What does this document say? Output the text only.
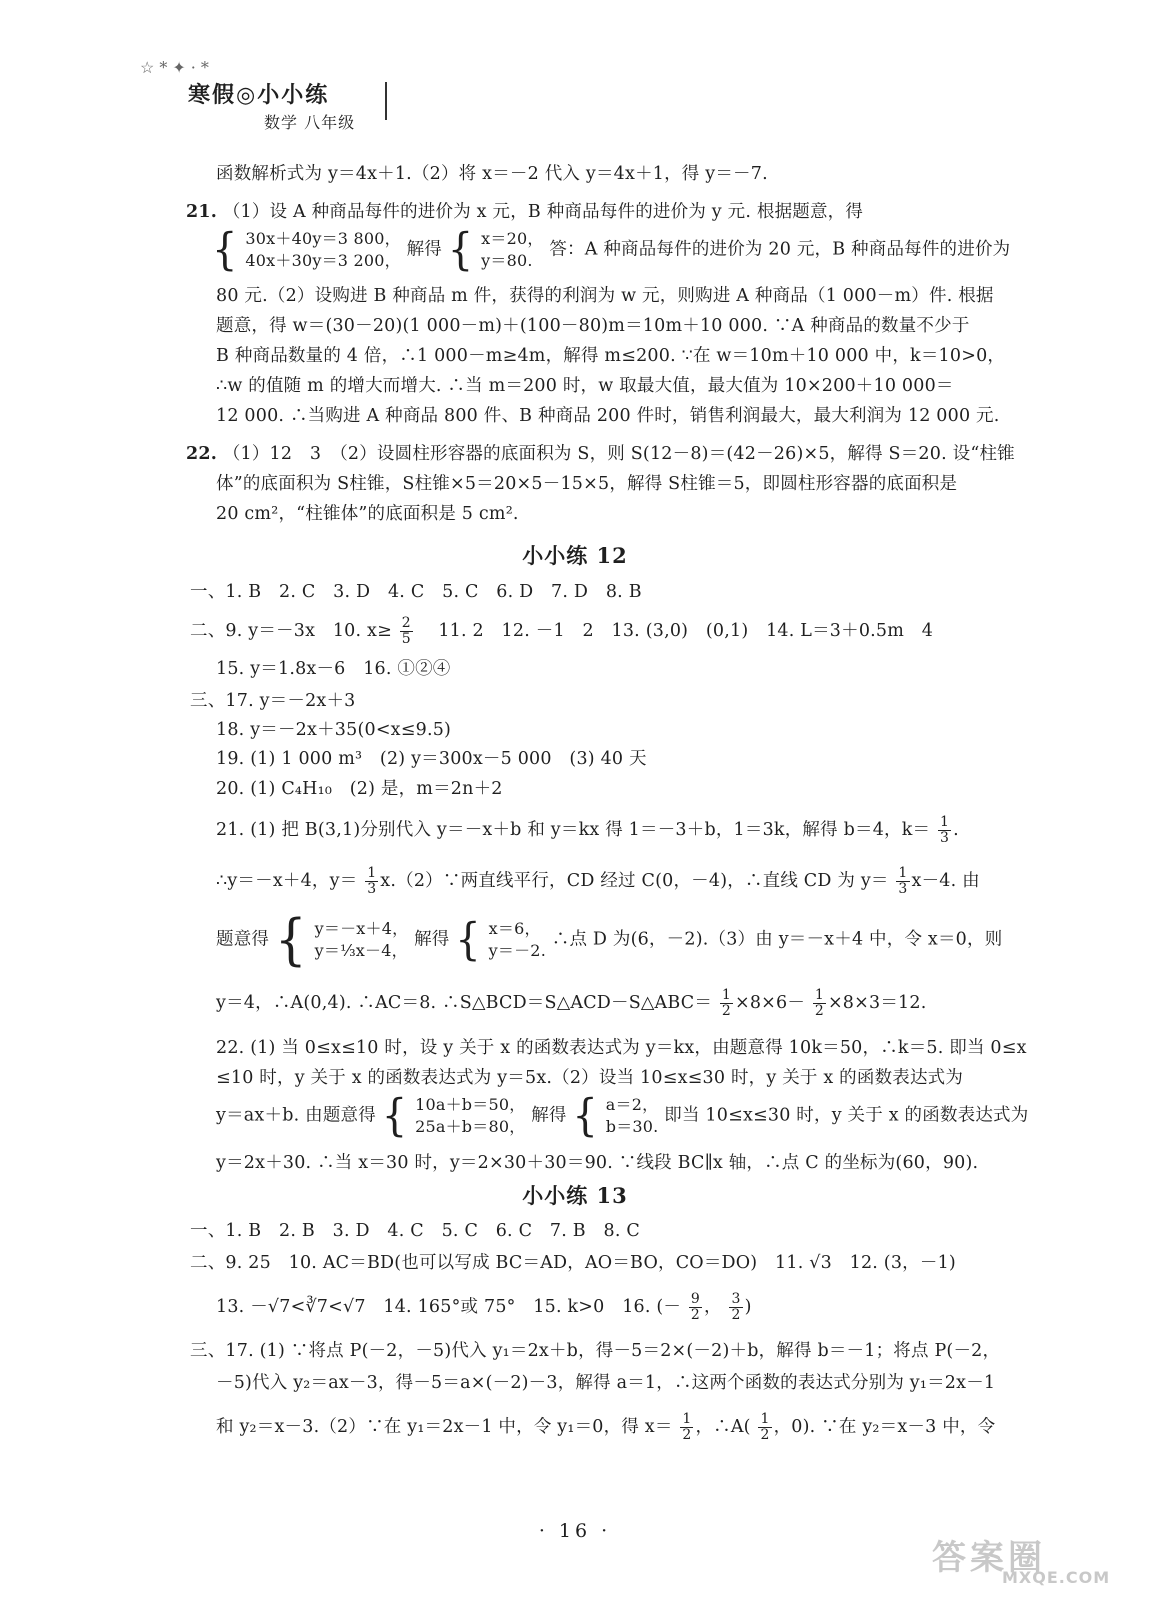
☆*✦·*
寒假◎小小练
数学 八年级
函数解析式为 y＝4x＋1.（2）将 x＝－2 代入 y＝4x＋1，得 y＝－7.
21. （1）设 A 种商品每件的进价为 x 元，B 种商品每件的进价为 y 元. 根据题意，得
{ 30x＋40y＝3 800，
40x＋30y＝3 200，
解得 { x＝20，
y＝80.
答：A 种商品每件的进价为 20 元，B 种商品每件的进价为
80 元.（2）设购进 B 种商品 m 件，获得的利润为 w 元，则购进 A 种商品（1 000－m）件. 根据
题意，得 w＝(30－20)(1 000－m)＋(100－80)m＝10m＋10 000. ∵A 种商品的数量不少于
B 种商品数量的 4 倍，∴1 000－m≥4m，解得 m≤200. ∵在 w＝10m＋10 000 中，k＝10>0，
∴w 的值随 m 的增大而增大. ∴当 m＝200 时，w 取最大值，最大值为 10×200＋10 000＝
12 000. ∴当购进 A 种商品 800 件、B 种商品 200 件时，销售利润最大，最大利润为 12 000 元.
22. （1）12　3　（2）设圆柱形容器的底面积为 S，则 S(12－8)＝(42－26)×5，解得 S＝20. 设“柱锥
体”的底面积为 S柱锥，S柱锥×5＝20×5－15×5，解得 S柱锥＝5，即圆柱形容器的底面积是
20 cm²，“柱锥体”的底面积是 5 cm².
小小练 12
一、1. B　2. C　3. D　4. C　5. C　6. D　7. D　8. B
二、9. y＝－3x　10. $x\ge \frac{2}{5}$ 　11. 2　12. －1　2　13. (3,0)　(0,1)　14. L＝3＋0.5m　4
15. y＝1.8x－6　16. ①②④
三、17. y＝－2x＋3
18. y＝－2x＋35(0<x≤9.5)
19. (1) 1 000 m³　(2) y＝300x－5 000　(3) 40 天
20. (1) C₄H₁₀　(2) 是，m＝2n＋2
21. (1) 把 B(3,1)分别代入 y＝－x＋b 和 y＝kx 得 1＝－3＋b，1＝3k，解得 b＝4，$k= \frac{1}{3}$ .
∴y＝－x＋4，$y= \frac{1}{3}$ x.（2）∵两直线平行，CD 经过 C(0，－4)，∴直线 CD 为 $y= \frac{1}{3} x-4$. 由
题意得 { y＝－x＋4，
y＝⅓x－4，
解得 { x＝6，
y＝－2.
∴点 D 为(6，－2).（3）由 y＝－x＋4 中，令 x＝0，则
y＝4，∴A(0,4). ∴AC＝8. ∴S△BCD＝S△ACD－S△ABC＝ $\frac{1}{2} \times 8\times 6- \frac{1}{2} \times 8\times 3=12$.
22. (1) 当 0≤x≤10 时，设 y 关于 x 的函数表达式为 y＝kx，由题意得 10k＝50，∴k＝5. 即当 0≤x
≤10 时，y 关于 x 的函数表达式为 y＝5x.（2）设当 10≤x≤30 时，y 关于 x 的函数表达式为
y＝ax＋b. 由题意得 { 10a＋b＝50，
25a＋b＝80，
解得 { a＝2，
b＝30.
即当 10≤x≤30 时，y 关于 x 的函数表达式为
y＝2x＋30. ∴当 x＝30 时，y＝2×30＋30＝90. ∵线段 BC∥x 轴，∴点 C 的坐标为(60，90).
小小练 13
一、1. B　2. B　3. D　4. C　5. C　6. C　7. B　8. C
二、9. 25　10. AC＝BD(也可以写成 BC＝AD，AO＝BO，CO＝DO)　11. √3　12. (3，－1)
13. －√7<∛7<√7　14. 165°或 75°　15. k>0　16. (－ $\frac{9}{2}$ ， $\frac{3}{2}$ )
三、17. (1) ∵将点 P(－2，－5)代入 y₁＝2x＋b，得－5＝2×(－2)＋b，解得 b＝－1；将点 P(－2，
－5)代入 y₂＝ax－3，得－5＝a×(－2)－3，解得 a＝1，∴这两个函数的表达式分别为 y₁＝2x－1
和 y₂＝x－3.（2）∵在 y₁＝2x－1 中，令 y₁＝0，得 $x= \frac{1}{2}$ ，∴A( $\frac{1}{2}$ ，0). ∵在 y₂＝x－3 中，令
· 16 ·
答案圈
MXQE.COM
